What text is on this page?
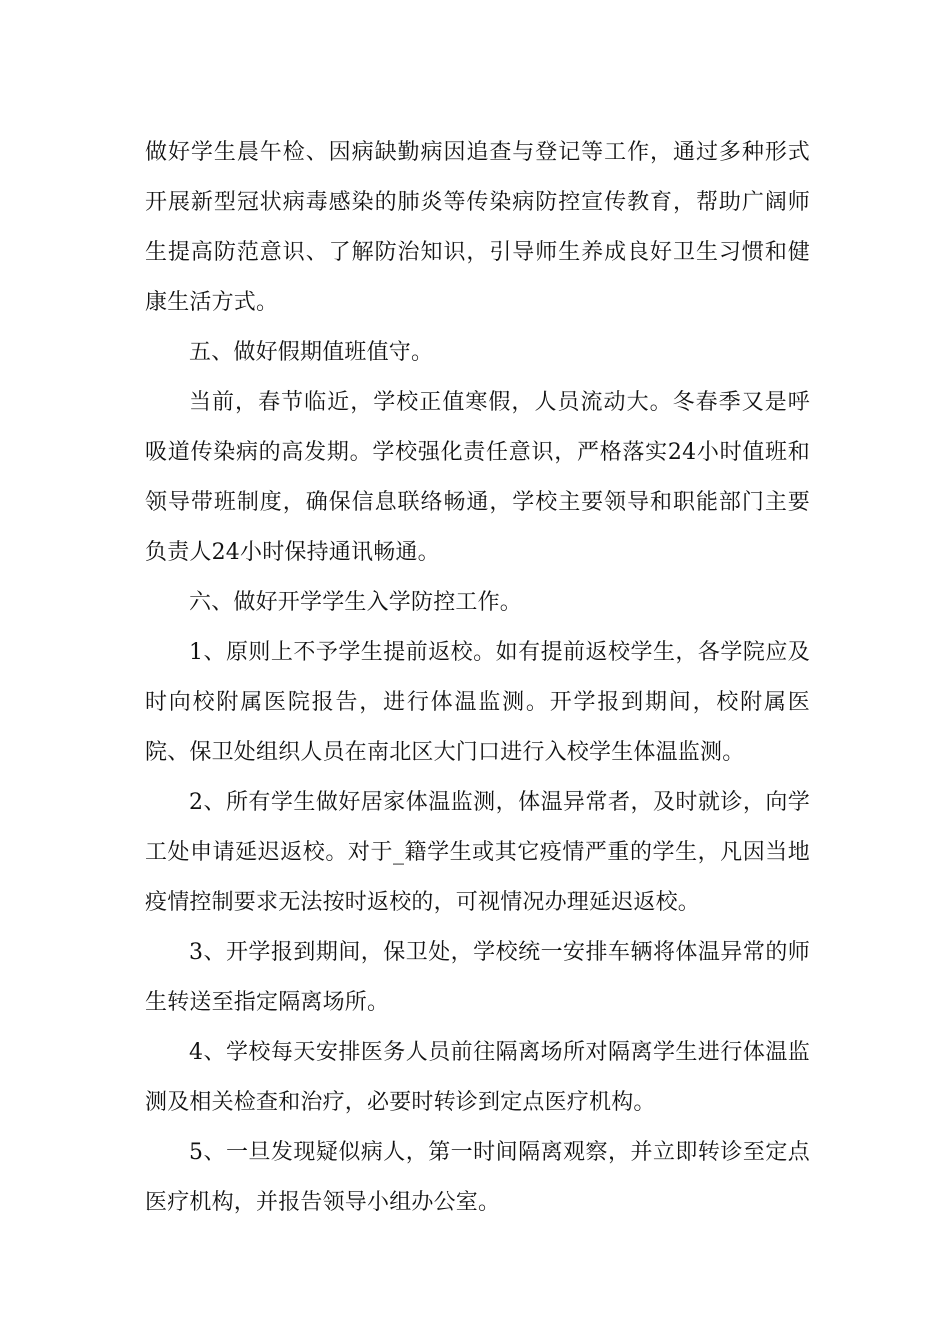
做好学生晨午检、因病缺勤病因追查与登记等工作，通过多种形式开展新型冠状病毒感染的肺炎等传染病防控宣传教育，帮助广阔师生提高防范意识、了解防治知识，引导师生养成良好卫生习惯和健康生活方式。

五、做好假期值班值守。

当前，春节临近，学校正值寒假，人员流动大。冬春季又是呼吸道传染病的高发期。学校强化责任意识，严格落实24小时值班和领导带班制度，确保信息联络畅通，学校主要领导和职能部门主要负责人24小时保持通讯畅通。

六、做好开学学生入学防控工作。

1、原则上不予学生提前返校。如有提前返校学生，各学院应及时向校附属医院报告，进行体温监测。开学报到期间，校附属医院、保卫处组织人员在南北区大门口进行入校学生体温监测。

2、所有学生做好居家体温监测，体温异常者，及时就诊，向学工处申请延迟返校。对于_籍学生或其它疫情严重的学生，凡因当地疫情控制要求无法按时返校的，可视情况办理延迟返校。

3、开学报到期间，保卫处，学校统一安排车辆将体温异常的师生转送至指定隔离场所。

4、学校每天安排医务人员前往隔离场所对隔离学生进行体温监测及相关检查和治疗，必要时转诊到定点医疗机构。

5、一旦发现疑似病人，第一时间隔离观察，并立即转诊至定点医疗机构，并报告领导小组办公室。
